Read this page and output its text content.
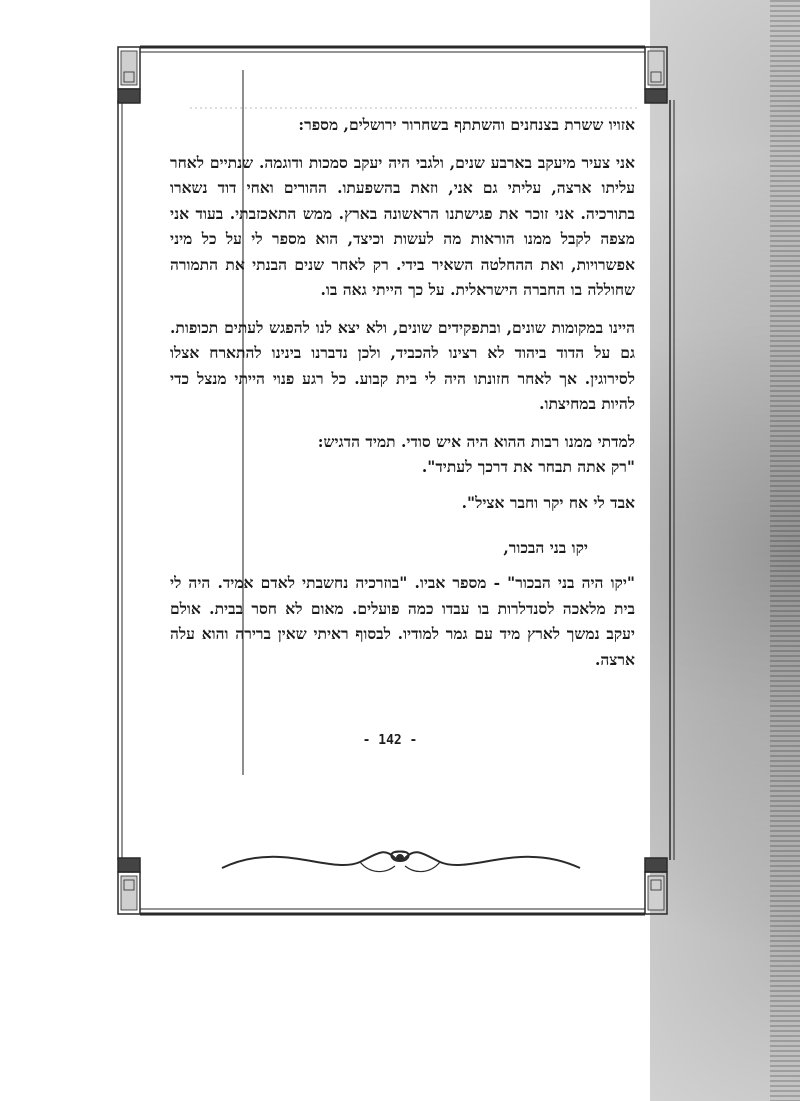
אזויו ששרת בצנחנים והשתתף בשחרור ירושלים, מספר:

אני צעיר מיעקב בארבע שנים, ולגבי היה יעקב סמכות ודוגמה. שנתיים לאחר עליתו ארצה, עליתי גם אני, וזאת בהשפעתו. ההורים ואחי דוד נשארו בתורכיה. אני זוכר את פגישתנו הראשונה בארץ. ממש התאכזבתי. בעוד אני מצפה לקבל ממנו הוראות מה לעשות וכיצד, הוא מספר לי על כל מיני אפשרויות, ואת ההחלטה השאיר בידי. רק לאחר שנים הבנתי את התמורה שחוללה בו החברה הישראלית. על כך הייתי גאה בו.

היינו במקומות שונים, ובתפקידים שונים, ולא יצא לנו להפגש לעתים תכופות. גם על הדוד ביהוד לא רצינו להכביד, ולכן נדברנו בינינו להתארח אצלו לסירוגין. אך לאחר חזונתו היה לי בית קבוע. כל רגע פנוי הייתי מנצל כדי להיות במחיצתו.

למדתי ממנו רבות ההוא היה איש סודי. תמיד הדגיש:

"רק אתה תבחר את דרכך לעתיד".

אבד לי אח יקר וחבר אציל".

יקו בני הבכור,
"יקו היה בני הבכור" - מספר אביו. "בוזרכיה נחשבתי לאדם אמיד. היה לי בית מלאכה לסנדלרות בו עבדו כמה פועלים. מאום לא חסר בבית. אולם יעקב נמשך לארץ מיד עם גמר למודיו. לבסוף ראיתי שאין ברירה והוא עלה ארצה.
- 142 -
